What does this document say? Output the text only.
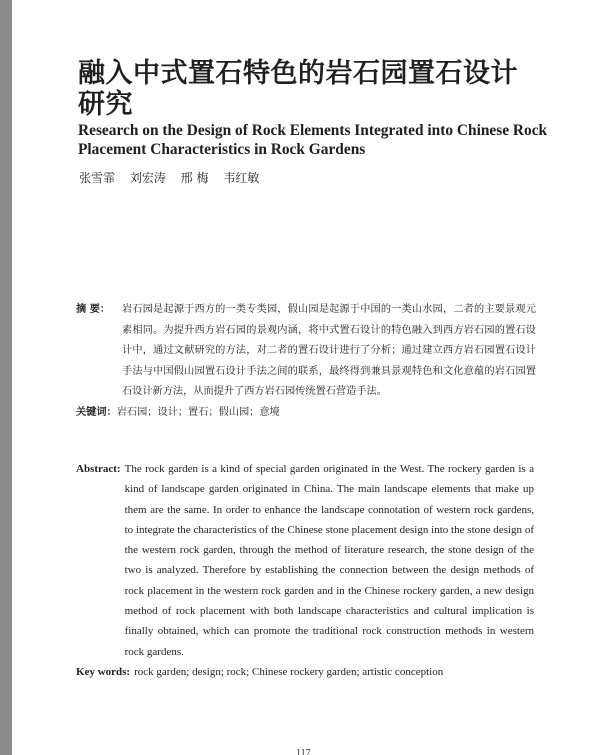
融入中式置石特色的岩石园置石设计研究
Research on the Design of Rock Elements Integrated into Chinese Rock Placement Characteristics in Rock Gardens
张雪霏 刘宏涛 邢 梅 韦红敏
摘 要：	岩石园是起源于西方的一类专类园，假山园是起源于中国的一类山水园，二者的主要景观元素相同。为提升西方岩石园的景观内涵，将中式置石设计的特色融入到西方岩石园的置石设计中，通过文献研究的方法，对二者的置石设计进行了分析；通过建立西方岩石园置石设计手法与中国假山园置石设计手法之间的联系，最终得到兼具景观特色和文化意蕴的岩石园置石设计新方法，从而提升了西方岩石园传统置石营造手法。
关键词： 岩石园；设计；置石；假山园；意境
Abstract: The rock garden is a kind of special garden originated in the West. The rockery garden is a kind of landscape garden originated in China. The main landscape elements that make up them are the same. In order to enhance the landscape connotation of western rock gardens, to integrate the characteristics of the Chinese stone placement design into the stone design of the western rock garden, through the method of literature research, the stone design of the two is analyzed. Therefore by establishing the connection between the design methods of rock placement in the western rock garden and in the Chinese rockery garden, a new design method of rock placement with both landscape characteristics and cultural implication is finally obtained, which can promote the traditional rock construction methods in western rock gardens.
Key words: rock garden; design; rock; Chinese rockery garden; artistic conception
117
